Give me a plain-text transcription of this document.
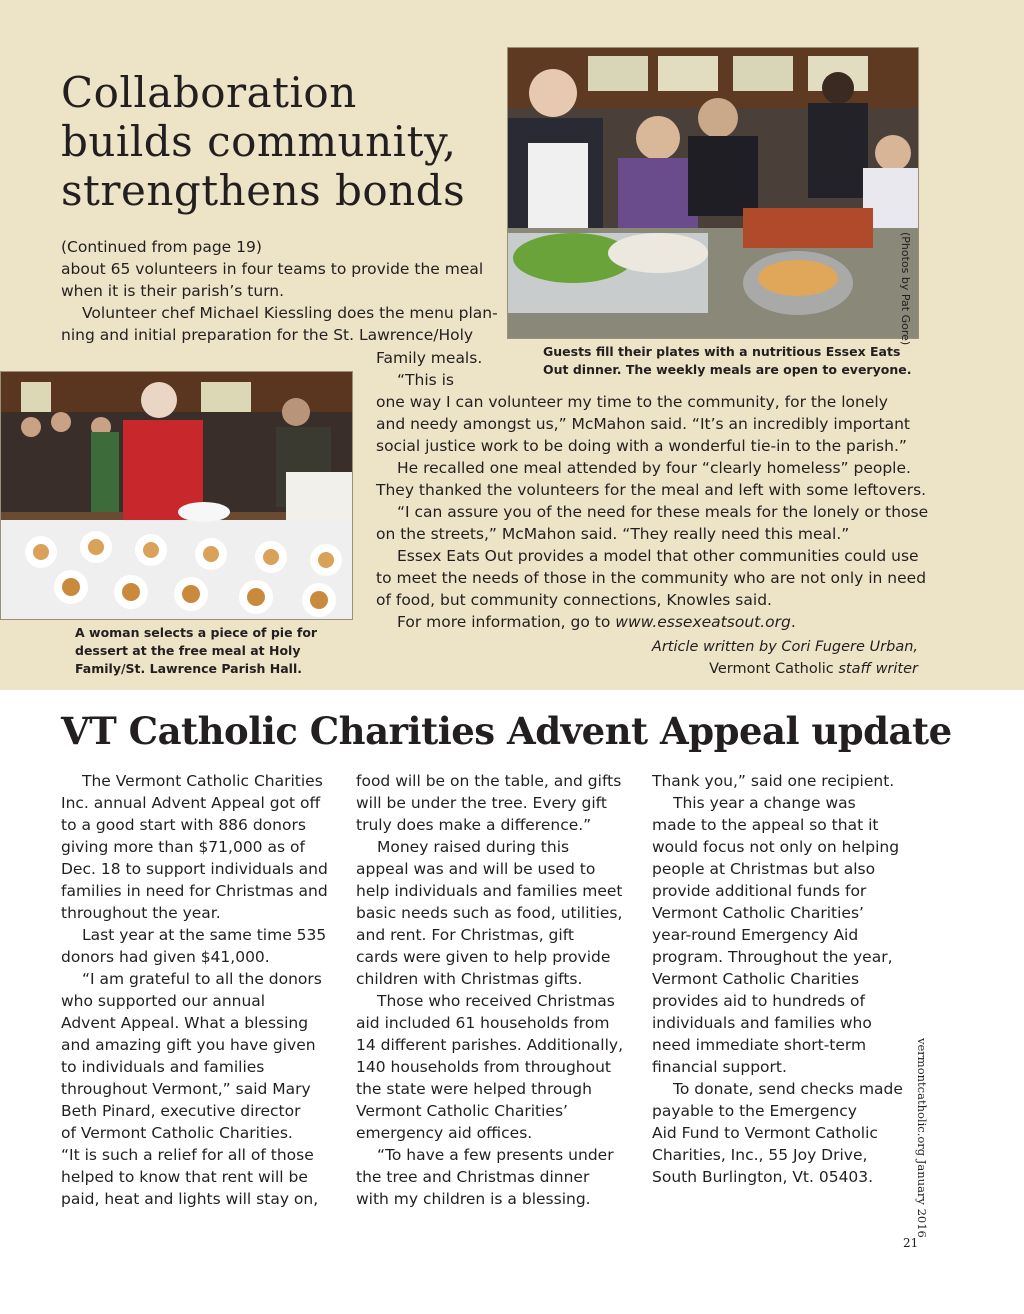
Collaboration
builds community,
strengthens bonds
(Photos by Pat Gore)
Guests fill their plates with a nutritious Essex Eats Out dinner. The weekly meals are open to everyone.
A woman selects a piece of pie for dessert at the free meal at Holy Family/St. Lawrence Parish Hall.
(Continued from page 19)
about 65 volunteers in four teams to provide the meal
when it is their parish’s turn.
Volunteer chef Michael Kiessling does the menu plan-
ning and initial preparation for the St. Lawrence/Holy
Family meals.
“This is
one way I can volunteer my time to the community, for the lonely
and needy amongst us,” McMahon said. “It’s an incredibly important
social justice work to be doing with a wonderful tie-in to the parish.”
He recalled one meal attended by four “clearly homeless” people.
They thanked the volunteers for the meal and left with some leftovers.
“I can assure you of the need for these meals for the lonely or those
on the streets,” McMahon said. “They really need this meal.”
Essex Eats Out provides a model that other communities could use
to meet the needs of those in the community who are not only in need
of food, but community connections, Knowles said.
For more information, go to www.essexeatsout.org.
Article written by Cori Fugere Urban,
Vermont Catholic staff writer
VT Catholic Charities Advent Appeal update
The Vermont Catholic Charities
Inc. annual Advent Appeal got off
to a good start with 886 donors
giving more than $71,000 as of
Dec. 18 to support individuals and
families in need for Christmas and
throughout the year.
Last year at the same time 535
donors had given $41,000.
“I am grateful to all the donors
who supported our annual
Advent Appeal. What a blessing
and amazing gift you have given
to individuals and families
throughout Vermont,” said Mary
Beth Pinard, executive director
of Vermont Catholic Charities.
“It is such a relief for all of those
helped to know that rent will be
paid, heat and lights will stay on,
food will be on the table, and gifts
will be under the tree. Every gift
truly does make a difference.”
Money raised during this
appeal was and will be used to
help individuals and families meet
basic needs such as food, utilities,
and rent. For Christmas, gift
cards were given to help provide
children with Christmas gifts.
Those who received Christmas
aid included 61 households from
14 different parishes. Additionally,
140 households from throughout
the state were helped through
Vermont Catholic Charities’
emergency aid offices.
“To have a few presents under
the tree and Christmas dinner
with my children is a blessing.
Thank you,” said one recipient.
This year a change was
made to the appeal so that it
would focus not only on helping
people at Christmas but also
provide additional funds for
Vermont Catholic Charities’
year-round Emergency Aid
program. Throughout the year,
Vermont Catholic Charities
provides aid to hundreds of
individuals and families who
need immediate short-term
financial support.
To donate, send checks made
payable to the Emergency
Aid Fund to Vermont Catholic
Charities, Inc., 55 Joy Drive,
South Burlington, Vt. 05403.	vermontcatholic.org January 2016
21
